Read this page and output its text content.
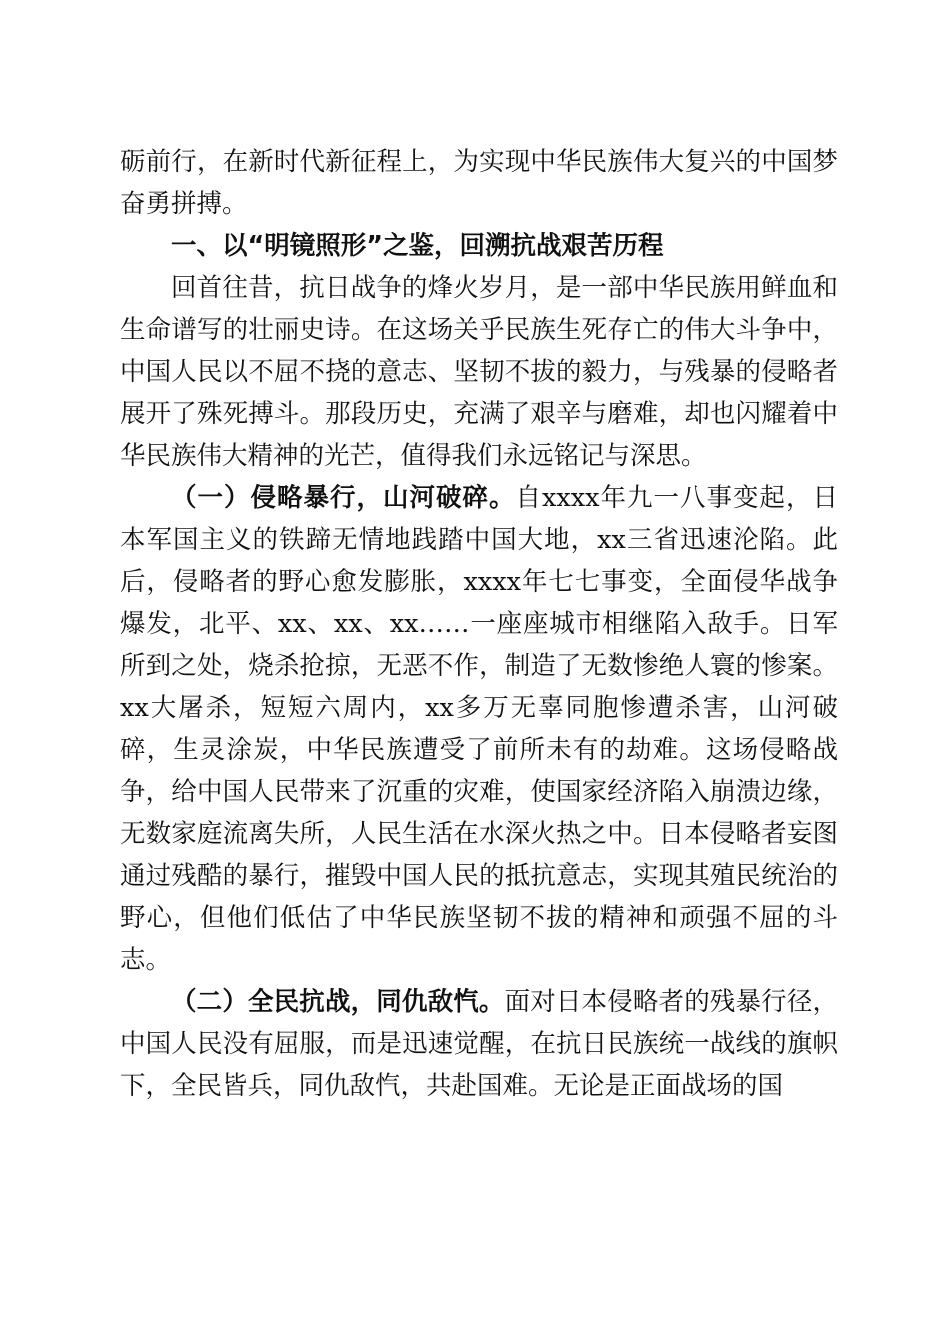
砺前行，在新时代新征程上，为实现中华民族伟大复兴的中国梦奋勇拼搏。

一、以“明镜照形”之鉴，回溯抗战艰苦历程

回首往昔，抗日战争的烽火岁月，是一部中华民族用鲜血和生命谱写的壮丽史诗。在这场关乎民族生死存亡的伟大斗争中，中国人民以不屈不挠的意志、坚韧不拔的毅力，与残暴的侵略者展开了殊死搏斗。那段历史，充满了艰辛与磨难，却也闪耀着中华民族伟大精神的光芒，值得我们永远铭记与深思。

（一）侵略暴行，山河破碎。自xxxx年九一八事变起，日本军国主义的铁蹄无情地践踏中国大地，xx三省迅速沦陷。此后，侵略者的野心愈发膨胀，xxxx年七七事变，全面侵华战争爆发，北平、xx、xx、xx……一座座城市相继陷入敌手。日军所到之处，烧杀抢掠，无恶不作，制造了无数惨绝人寰的惨案。xx大屠杀，短短六周内，xx多万无辜同胞惨遭杀害，山河破碎，生灵涂炭，中华民族遭受了前所未有的劫难。这场侵略战争，给中国人民带来了沉重的灾难，使国家经济陷入崩溃边缘，无数家庭流离失所，人民生活在水深火热之中。日本侵略者妄图通过残酷的暴行，摧毁中国人民的抵抗意志，实现其殖民统治的野心，但他们低估了中华民族坚韧不拔的精神和顽强不屈的斗志。

（二）全民抗战，同仇敌忾。面对日本侵略者的残暴行径，中国人民没有屈服，而是迅速觉醒，在抗日民族统一战线的旗帜下，全民皆兵，同仇敌忾，共赴国难。无论是正面战场的国
